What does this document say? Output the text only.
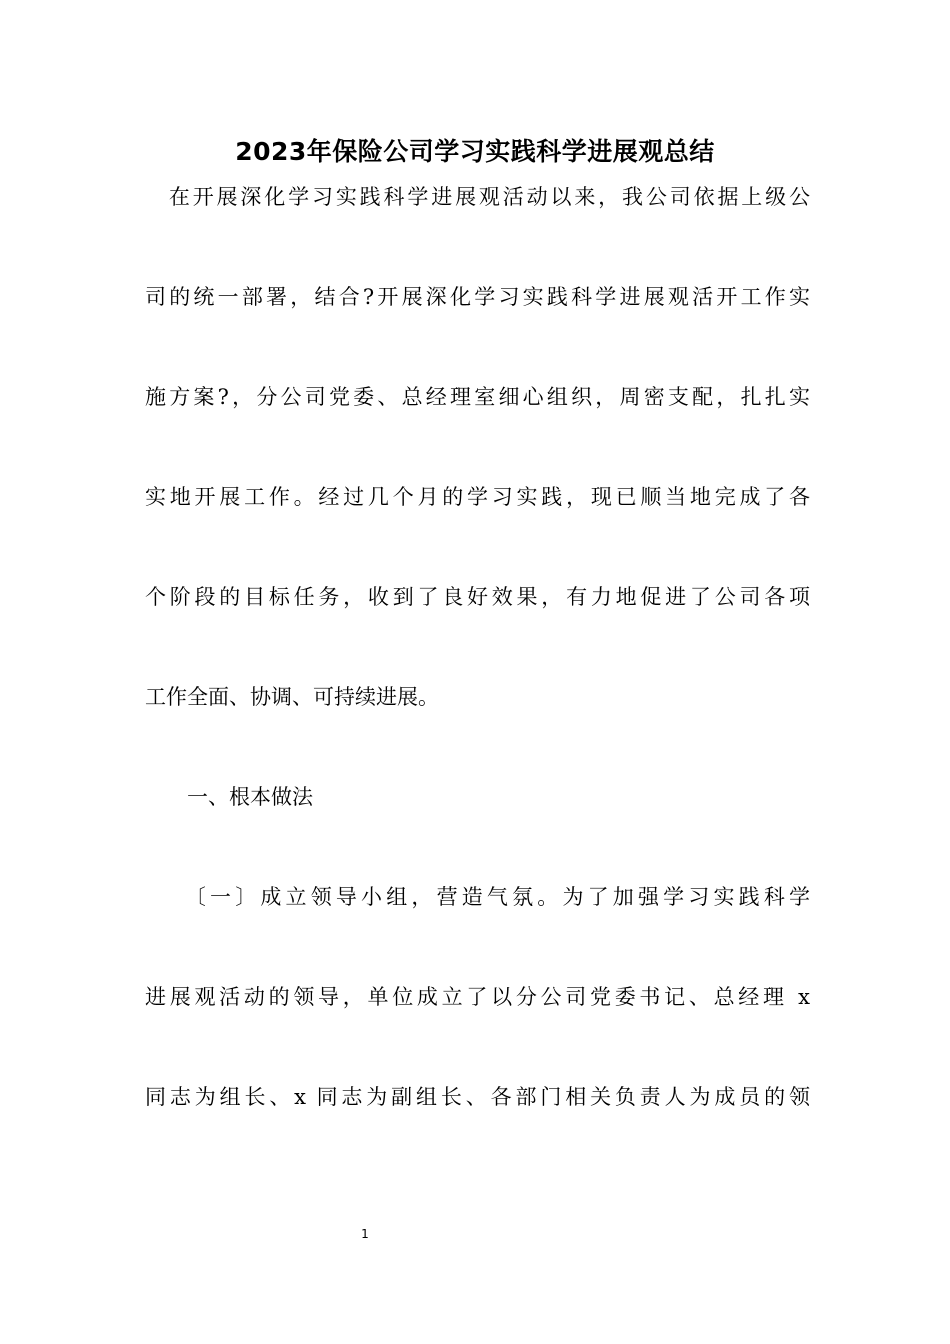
2023年保险公司学习实践科学进展观总结

　在开展深化学习实践科学进展观活动以来，我公司依据上级公

司的统一部署，结合?开展深化学习实践科学进展观活开工作实

施方案?，分公司党委、总经理室细心组织，周密支配，扎扎实

实地开展工作。经过几个月的学习实践，现已顺当地完成了各

个阶段的目标任务，收到了良好效果，有力地促进了公司各项

工作全面、协调、可持续进展。

　　一、根本做法

　　〔一〕成立领导小组，营造气氛。为了加强学习实践科学

进展观活动的领导，单位成立了以分公司党委书记、总经理 x

同志为组长、x 同志为副组长、各部门相关负责人为成员的领

1
